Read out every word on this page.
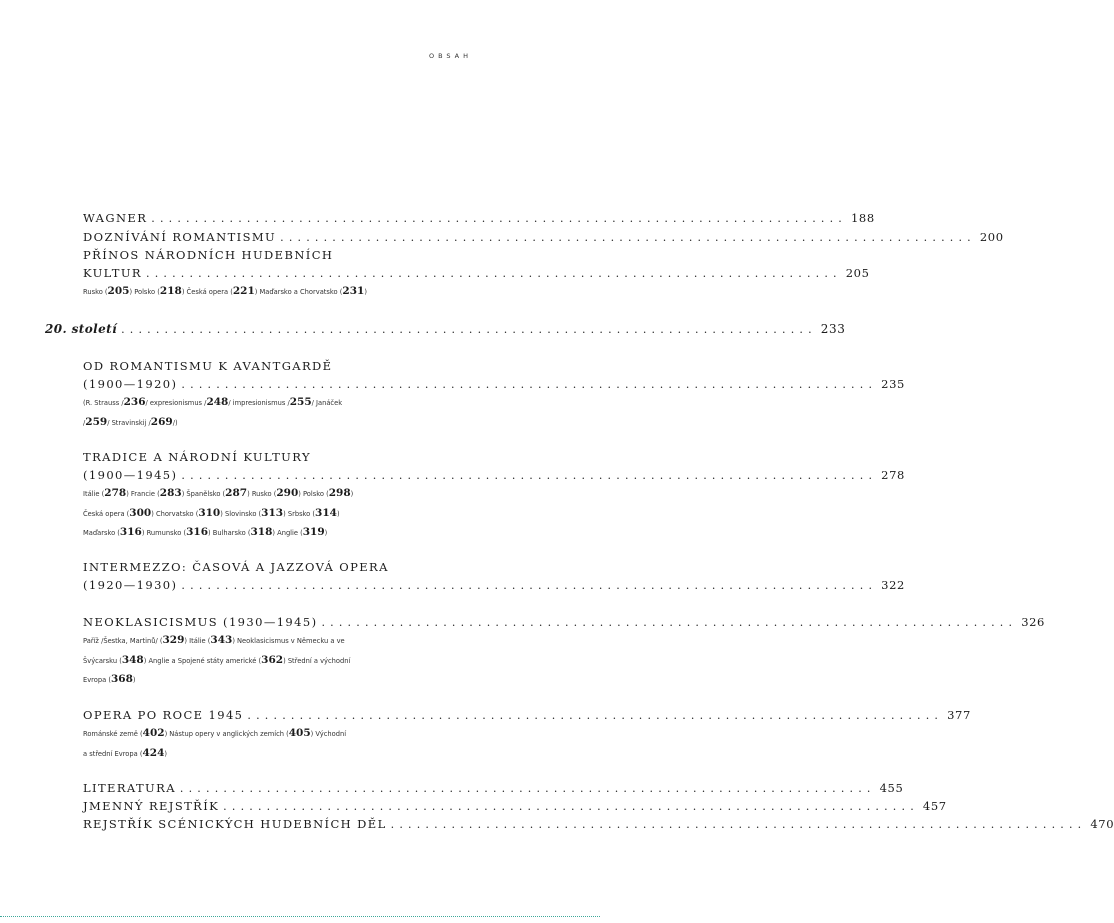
OBSAH
WAGNER ................................................................................ 188
DOZNÍVÁNÍ ROMANTISMU ................................................................................ 200
PŘÍNOS NÁRODNÍCH HUDEBNÍCH
KULTUR ................................................................................ 205
Rusko (205) Polsko (218) Česká opera (221) Maďarsko a Chorvatsko (231)
20. století ................................................................................ 233
OD ROMANTISMU K AVANTGARDĚ
(1900—1920) ................................................................................ 235
(R. Strauss /236/ expresionismus /248/ impresionismus /255/ Janáček
/259/ Stravinskij /269/)
TRADICE A NÁRODNÍ KULTURY
(1900—1945) ................................................................................ 278
Itálie (278) Francie (283) Španělsko (287) Rusko (290) Polsko (298)
Česká opera (300) Chorvatsko (310) Slovinsko (313) Srbsko (314)
Maďarsko (316) Rumunsko (316) Bulharsko (318) Anglie (319)
INTERMEZZO: ČASOVÁ A JAZZOVÁ OPERA
(1920—1930) ................................................................................ 322
NEOKLASICISMUS (1930—1945) ................................................................................ 326
Paříž /Šestka, Martinů/ (329) Itálie (343) Neoklasicismus v Německu a ve
Švýcarsku (348) Anglie a Spojené státy americké (362) Střední a východní
Evropa (368)
OPERA PO ROCE 1945 ................................................................................ 377
Románské země (402) Nástup opery v anglických zemích (405) Východní
a střední Evropa (424)
LITERATURA ................................................................................ 455
JMENNÝ REJSTŘÍK ................................................................................ 457
REJSTŘÍK SCÉNICKÝCH HUDEBNÍCH DĚL ................................................................................ 470
